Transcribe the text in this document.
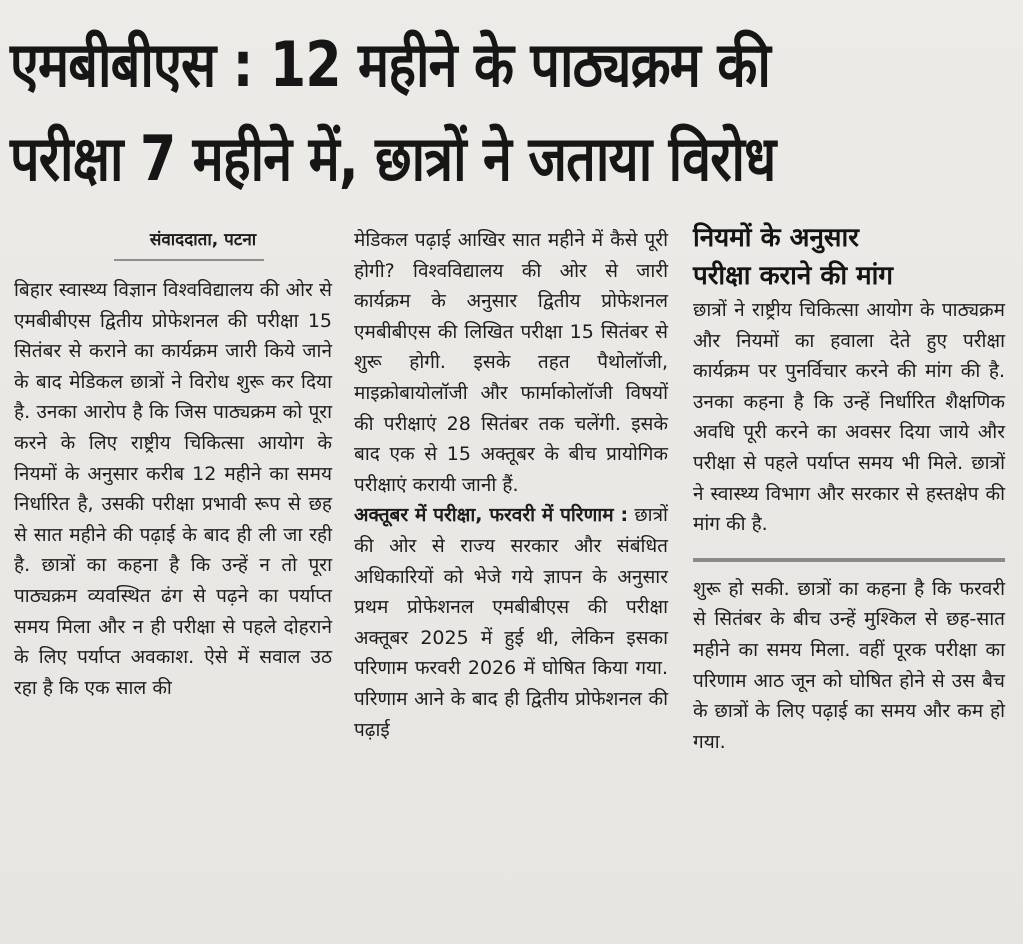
एमबीबीएस : 12 महीने के पाठ्यक्रम की
परीक्षा 7 महीने में, छात्रों ने जताया विरोध
संवाददाता, पटना

बिहार स्वास्थ्य विज्ञान विश्वविद्यालय की ओर से एमबीबीएस द्वितीय प्रोफेशनल की परीक्षा 15 सितंबर से कराने का कार्यक्रम जारी किये जाने के बाद मेडिकल छात्रों ने विरोध शुरू कर दिया है. उनका आरोप है कि जिस पाठ्यक्रम को पूरा करने के लिए राष्ट्रीय चिकित्सा आयोग के नियमों के अनुसार करीब 12 महीने का समय निर्धारित है, उसकी परीक्षा प्रभावी रूप से छह से सात महीने की पढ़ाई के बाद ही ली जा रही है. छात्रों का कहना है कि उन्हें न तो पूरा पाठ्यक्रम व्यवस्थित ढंग से पढ़ने का पर्याप्त समय मिला और न ही परीक्षा से पहले दोहराने के लिए पर्याप्त अवकाश. ऐसे में सवाल उठ रहा है कि एक साल की

मेडिकल पढ़ाई आखिर सात महीने में कैसे पूरी होगी? विश्वविद्यालय की ओर से जारी कार्यक्रम के अनुसार द्वितीय प्रोफेशनल एमबीबीएस की लिखित परीक्षा 15 सितंबर से शुरू होगी. इसके तहत पैथोलॉजी, माइक्रोबायोलॉजी और फार्माकोलॉजी विषयों की परीक्षाएं 28 सितंबर तक चलेंगी. इसके बाद एक से 15 अक्तूबर के बीच प्रायोगिक परीक्षाएं करायी जानी हैं.

अक्तूबर में परीक्षा, फरवरी में परिणाम : छात्रों की ओर से राज्य सरकार और संबंधित अधिकारियों को भेजे गये ज्ञापन के अनुसार प्रथम प्रोफेशनल एमबीबीएस की परीक्षा अक्तूबर 2025 में हुई थी, लेकिन इसका परिणाम फरवरी 2026 में घोषित किया गया. परिणाम आने के बाद ही द्वितीय प्रोफेशनल की पढ़ाई

नियमों के अनुसार
परीक्षा कराने की मांग

छात्रों ने राष्ट्रीय चिकित्सा आयोग के पाठ्यक्रम और नियमों का हवाला देते हुए परीक्षा कार्यक्रम पर पुनर्विचार करने की मांग की है. उनका कहना है कि उन्हें निर्धारित शैक्षणिक अवधि पूरी करने का अवसर दिया जाये और परीक्षा से पहले पर्याप्त समय भी मिले. छात्रों ने स्वास्थ्य विभाग और सरकार से हस्तक्षेप की मांग की है.

शुरू हो सकी. छात्रों का कहना है कि फरवरी से सितंबर के बीच उन्हें मुश्किल से छह-सात महीने का समय मिला. वहीं पूरक परीक्षा का परिणाम आठ जून को घोषित होने से उस बैच के छात्रों के लिए पढ़ाई का समय और कम हो गया.
